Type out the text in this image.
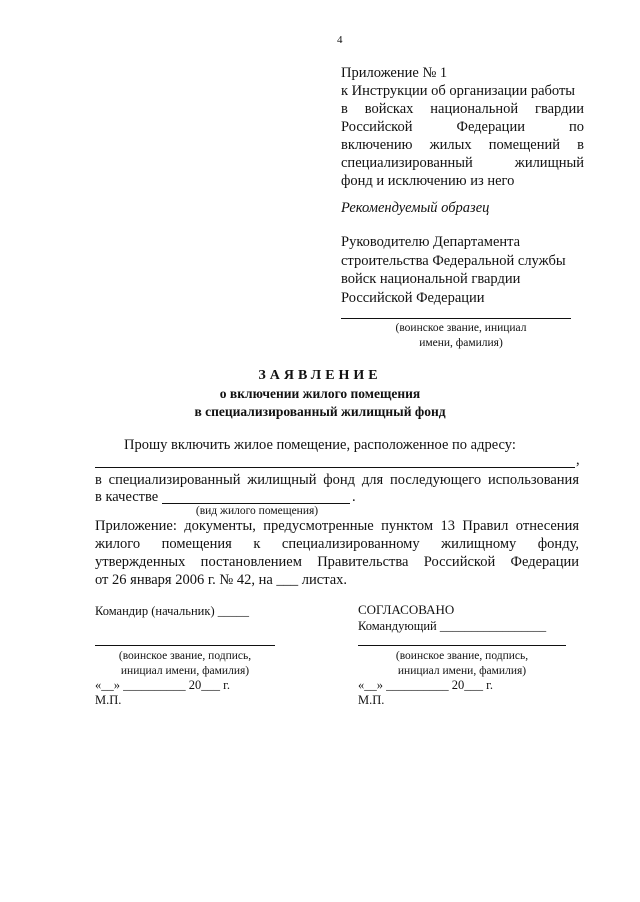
4
Приложение № 1
к Инструкции об организации работы
в войсках национальной гвардии
Российской Федерации по
включению жилых помещений в
специализированный жилищный
фонд и исключению из него
Рекомендуемый образец
Руководителю Департамента
строительства Федеральной службы
войск национальной гвардии
Российской Федерации
(воинское звание, инициал
имени, фамилия)
ЗАЯВЛЕНИЕ
о включении жилого помещения
в специализированный жилищный фонд
Прошу включить жилое помещение, расположенное по адресу:
,
в специализированный жилищный фонд для последующего использования
в качестве	.
(вид жилого помещения)
Приложение: документы, предусмотренные пунктом 13 Правил отнесения
жилого помещения к специализированному жилищному фонду,
утвержденных постановлением Правительства Российской Федерации
от 26 января 2006 г. № 42, на ___ листах.
Командир (начальник) _____
(воинское звание, подпись,
инициал имени, фамилия)
«__» __________ 20___ г.
М.П.
СОГЛАСОВАНО
Командующий _________________
(воинское звание, подпись,
инициал имени, фамилия)
«__» __________ 20___ г.
М.П.
